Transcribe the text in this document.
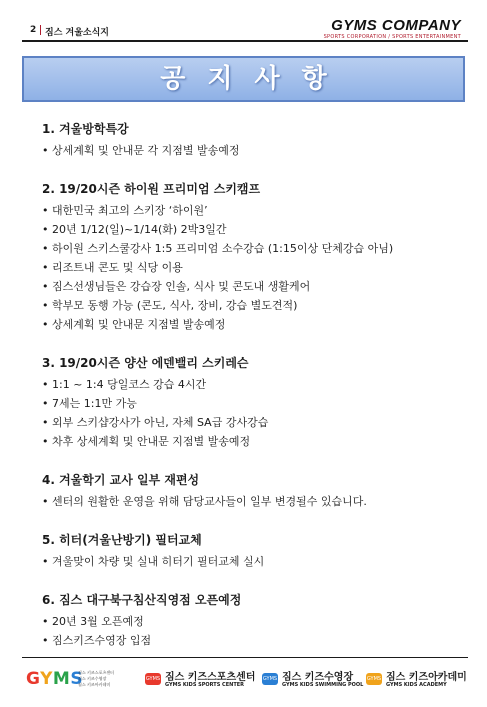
2 짐스 겨울소식지	GYMS COMPANY
SPORTS CORPORATION / SPORTS ENTERTAINMENT
공지사항
1. 겨울방학특강
• 상세계획 및 안내문 각 지점별 발송예정
2. 19/20시즌 하이원 프리미엄 스키캠프
• 대한민국 최고의 스키장 ‘하이원’
• 20년 1/12(일)~1/14(화) 2박3일간
• 하이원 스키스쿨강사 1:5 프리미엄 소수강습 (1:15이상 단체강습 아님)
• 리조트내 콘도 및 식당 이용
• 짐스선생님들은 강습장 인솔, 식사 및 콘도내 생활케어
• 학부모 동행 가능 (콘도, 식사, 장비, 강습 별도견적)
• 상세계획 및 안내문 지점별 발송예정
3. 19/20시즌 양산 에덴밸리 스키레슨
• 1:1 ~ 1:4 당일코스 강습 4시간
• 7세는 1:1만 가능
• 외부 스키샵강사가 아닌, 자체 SA급 강사강습
• 차후 상세계획 및 안내문 지점별 발송예정
4. 겨울학기 교사 일부 재편성
• 센터의 원활한 운영을 위해 담당교사들이 일부 변경될수 있습니다.
5. 히터(겨울난방기) 필터교체
• 겨울맞이 차량 및 실내 히터기 필터교체 실시
6. 짐스 대구북구침산직영점 오픈예정
• 20년 3월 오픈예정
• 짐스키즈수영장 입점
GYMS
짐스 키즈스포츠센터
짐스 키즈수영장
짐스 키즈아카데미
GYMS 짐스 키즈스포츠센터
GYMS KIDS SPORTS CENTER
GYMS 짐스 키즈수영장
GYMS KIDS SWIMMING POOL
GYMS 짐스 키즈아카데미
GYMS KIDS ACADEMY
